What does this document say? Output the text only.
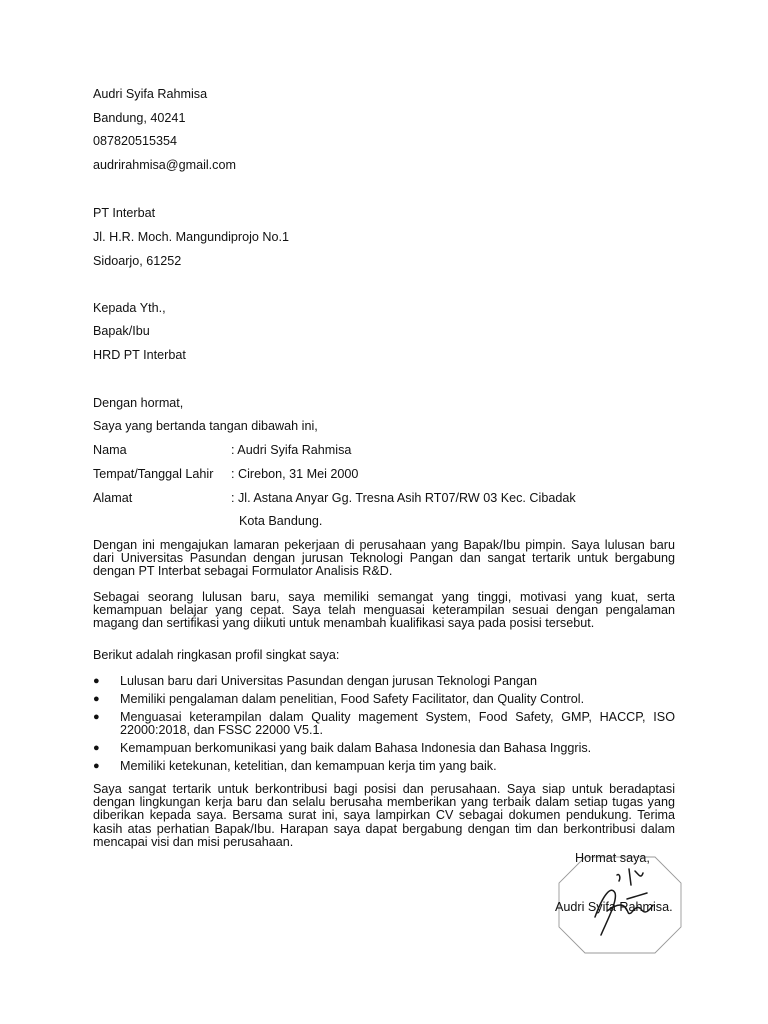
Audri Syifa Rahmisa
Bandung, 40241
087820515354
audrirahmisa@gmail.com
PT Interbat
Jl. H.R. Moch. Mangundiprojo No.1
Sidoarjo, 61252
Kepada Yth.,
Bapak/Ibu
HRD PT Interbat
Dengan hormat,
Saya yang bertanda tangan dibawah ini,
Nama	: Audri Syifa Rahmisa
Tempat/Tanggal Lahir : Cirebon, 31 Mei 2000
Alamat	: Jl. Astana Anyar Gg. Tresna Asih RT07/RW 03 Kec. Cibadak
Kota Bandung.
Dengan ini mengajukan lamaran pekerjaan di perusahaan yang Bapak/Ibu pimpin. Saya lulusan baru dari Universitas Pasundan dengan jurusan Teknologi Pangan dan sangat tertarik untuk bergabung dengan PT Interbat sebagai Formulator Analisis R&D.
Sebagai seorang lulusan baru, saya memiliki semangat yang tinggi, motivasi yang kuat, serta kemampuan belajar yang cepat. Saya telah menguasai keterampilan sesuai dengan pengalaman magang dan sertifikasi yang diikuti untuk menambah kualifikasi saya pada posisi tersebut.
Berikut adalah ringkasan profil singkat saya:
● Lulusan baru dari Universitas Pasundan dengan jurusan Teknologi Pangan
● Memiliki pengalaman dalam penelitian, Food Safety Facilitator, dan Quality Control.
● Menguasai keterampilan dalam Quality magement System, Food Safety, GMP, HACCP, ISO 22000:2018, dan FSSC 22000 V5.1.
● Kemampuan berkomunikasi yang baik dalam Bahasa Indonesia dan Bahasa Inggris.
● Memiliki ketekunan, ketelitian, dan kemampuan kerja tim yang baik.
Saya sangat tertarik untuk berkontribusi bagi posisi dan perusahaan. Saya siap untuk beradaptasi dengan lingkungan kerja baru dan selalu berusaha memberikan yang terbaik dalam setiap tugas yang diberikan kepada saya. Bersama surat ini, saya lampirkan CV sebagai dokumen pendukung. Terima kasih atas perhatian Bapak/Ibu. Harapan saya dapat bergabung dengan tim dan berkontribusi dalam mencapai visi dan misi perusahaan.
Hormat saya,
Audri Syifa Rahmisa.
